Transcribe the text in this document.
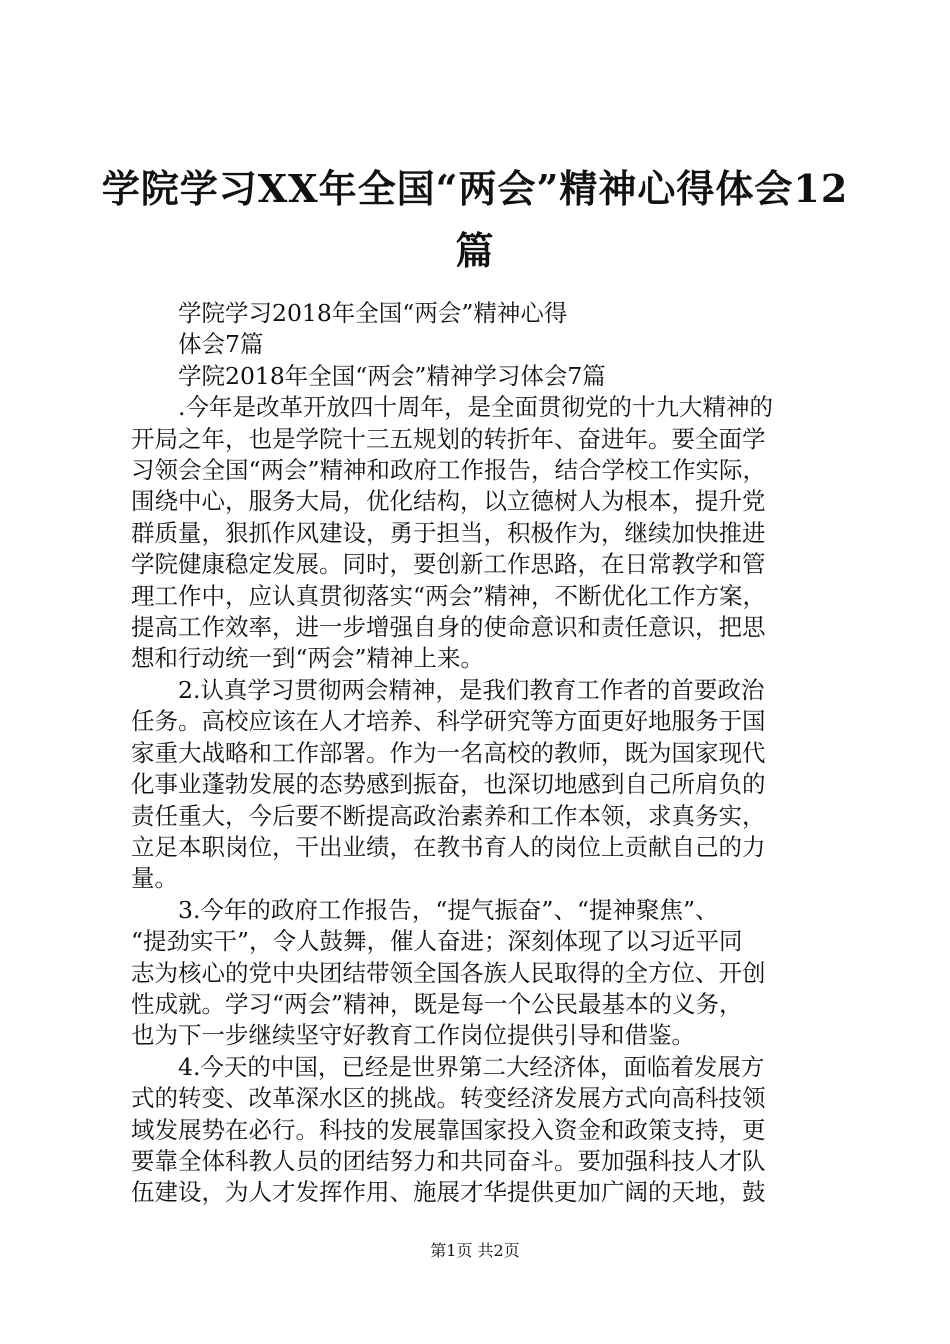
学院学习XX年全国“两会”精神心得体会12
篇
学院学习2018年全国“两会”精神心得
体会7篇
学院2018年全国“两会”精神学习体会7篇
.今年是改革开放四十周年，是全面贯彻党的十九大精神的
开局之年，也是学院十三五规划的转折年、奋进年。要全面学
习领会全国“两会”精神和政府工作报告，结合学校工作实际，
围绕中心，服务大局，优化结构，以立德树人为根本，提升党
群质量，狠抓作风建设，勇于担当，积极作为，继续加快推进
学院健康稳定发展。同时，要创新工作思路，在日常教学和管
理工作中，应认真贯彻落实“两会”精神，不断优化工作方案，
提高工作效率，进一步增强自身的使命意识和责任意识，把思
想和行动统一到“两会”精神上来。
2.认真学习贯彻两会精神，是我们教育工作者的首要政治
任务。高校应该在人才培养、科学研究等方面更好地服务于国
家重大战略和工作部署。作为一名高校的教师，既为国家现代
化事业蓬勃发展的态势感到振奋，也深切地感到自己所肩负的
责任重大，今后要不断提高政治素养和工作本领，求真务实，
立足本职岗位，干出业绩，在教书育人的岗位上贡献自己的力
量。
3.今年的政府工作报告，“提气振奋”、“提神聚焦”、
“提劲实干”，令人鼓舞，催人奋进；深刻体现了以习近平同
志为核心的党中央团结带领全国各族人民取得的全方位、开创
性成就。学习“两会”精神，既是每一个公民最基本的义务，
也为下一步继续坚守好教育工作岗位提供引导和借鉴。
4.今天的中国，已经是世界第二大经济体，面临着发展方
式的转变、改革深水区的挑战。转变经济发展方式向高科技领
域发展势在必行。科技的发展靠国家投入资金和政策支持，更
要靠全体科教人员的团结努力和共同奋斗。要加强科技人才队
伍建设，为人才发挥作用、施展才华提供更加广阔的天地，鼓
第1页 共2页
